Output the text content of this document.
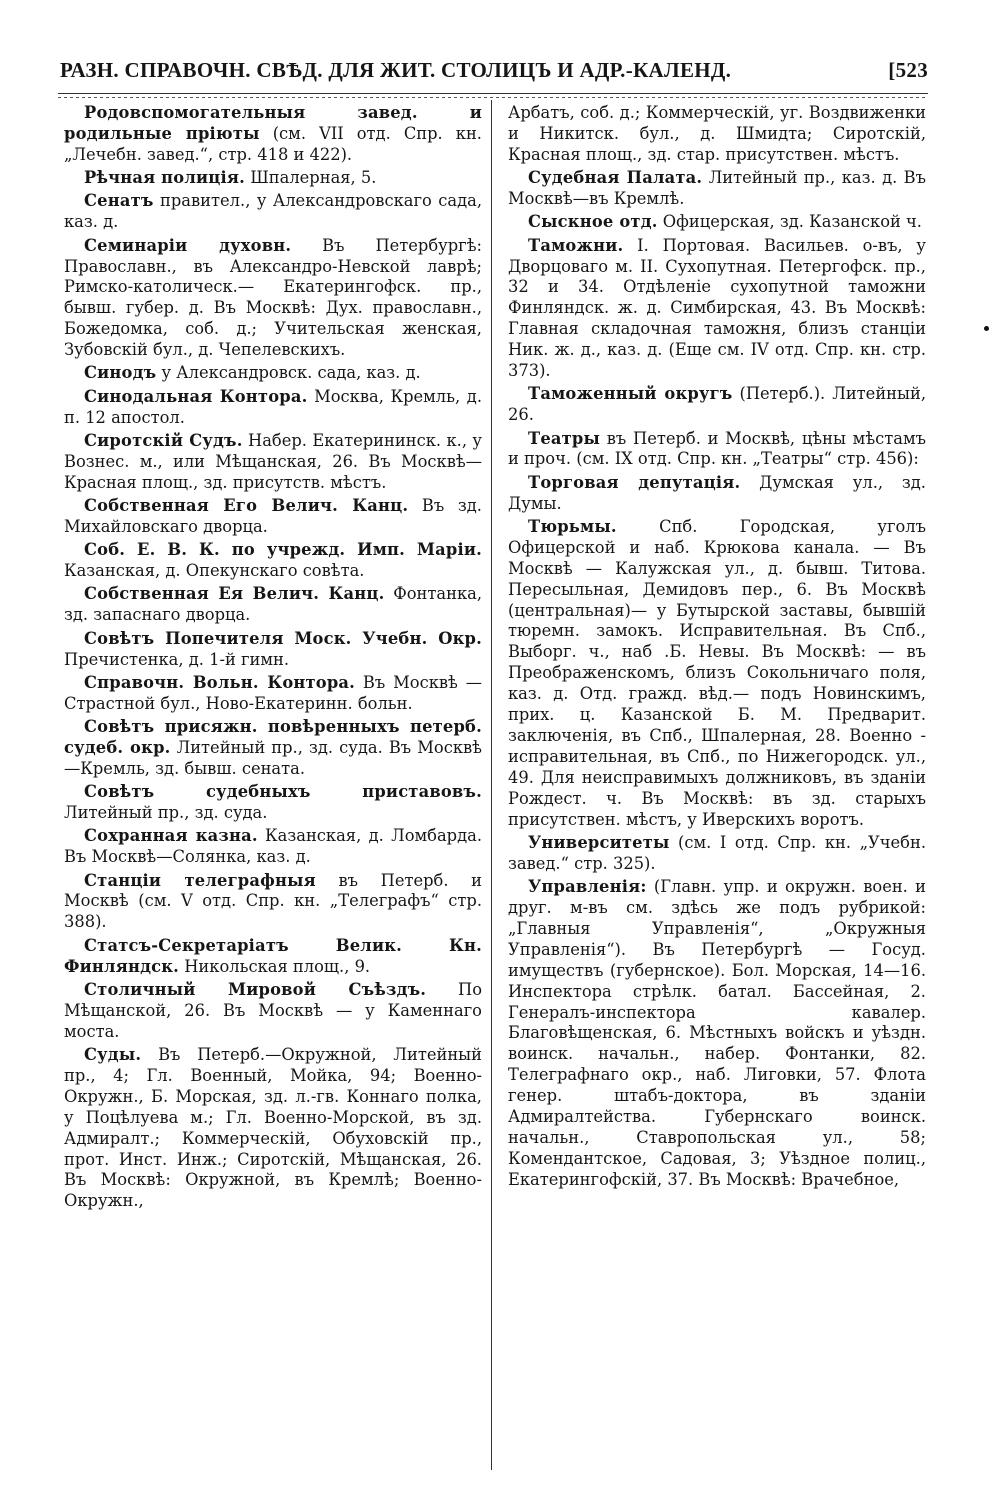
РАЗН. СПРАВОЧН. СВѢД. ДЛЯ ЖИТ. СТОЛИЦЪ И АДР.-КАЛЕНД.	[523

Родовспомогательныя завед. и родильные пріюты (см. VII отд. Спр. кн. „Лечебн. завед.“, стр. 418 и 422).

Рѣчная полиція. Шпалерная, 5.

Сенатъ правител., у Александровскаго сада, каз. д.

Семинаріи духовн. Въ Петербургѣ: Православн., въ Александро-Невской лаврѣ; Римско-католическ.— Екатерингофск. пр., бывш. губер. д. Въ Москвѣ: Дух. православн., Божедомка, соб. д.; Учительская женская, Зубовскій бул., д. Чепелевскихъ.

Синодъ у Александровск. сада, каз. д.

Синодальная Контора. Москва, Кремль, д. п. 12 апостол.

Сиротскій Судъ. Набер. Екатерининск. к., у Вознес. м., или Мѣщанская, 26. Въ Москвѣ—Красная площ., зд. присутств. мѣстъ.

Собственная Его Велич. Канц. Въ зд. Михайловскаго дворца.

Соб. Е. В. К. по учрежд. Имп. Маріи. Казанская, д. Опекунскаго совѣта.

Собственная Ея Велич. Канц. Фонтанка, зд. запаснаго дворца.

Совѣтъ Попечителя Моск. Учебн. Окр. Пречистенка, д. 1-й гимн.

Справочн. Вольн. Контора. Въ Москвѣ — Страстной бул., Ново-Екатеринн. больн.

Совѣтъ присяжн. повѣренныхъ петерб. судеб. окр. Литейный пр., зд. суда. Въ Москвѣ—Кремль, зд. бывш. сената.

Совѣтъ судебныхъ приставовъ. Литейный пр., зд. суда.

Сохранная казна. Казанская, д. Ломбарда. Въ Москвѣ—Солянка, каз. д.

Станціи телеграфныя въ Петерб. и Москвѣ (см. V отд. Спр. кн. „Телеграфъ“ стр. 388).

Статсъ-Секретаріатъ Велик. Кн. Финляндск. Никольская площ., 9.

Столичный Мировой Съѣздъ. По Мѣщанской, 26. Въ Москвѣ — у Каменнаго моста.

Суды. Въ Петерб.—Окружной, Литейный пр., 4; Гл. Военный, Мойка, 94; Военно-Окружн., Б. Морская, зд. л.-гв. Коннаго полка, у Поцѣлуева м.; Гл. Военно-Морской, въ зд. Адмиралт.; Коммерческій, Обуховскій пр., прот. Инст. Инж.; Сиротскій, Мѣщанская, 26. Въ Москвѣ: Окружной, въ Кремлѣ; Военно-Окружн.,

Арбатъ, соб. д.; Коммерческій, уг. Воздвиженки и Никитск. бул., д. Шмидта; Сиротскій, Красная площ., зд. стар. присутствен. мѣстъ.

Судебная Палата. Литейный пр., каз. д. Въ Москвѣ—въ Кремлѣ.

Сыскное отд. Офицерская, зд. Казанской ч.

Таможни. I. Портовая. Васильев. о-въ, у Дворцоваго м. II. Сухопутная. Петергофск. пр., 32 и 34. Отдѣленіе сухопутной таможни Финляндск. ж. д. Симбирская, 43. Въ Москвѣ: Главная складочная таможня, близъ станціи Ник. ж. д., каз. д. (Еще см. IV отд. Спр. кн. стр. 373).

Таможенный округъ (Петерб.). Литейный, 26.

Театры въ Петерб. и Москвѣ, цѣны мѣстамъ и проч. (см. IX отд. Спр. кн. „Театры“ стр. 456):

Торговая депутація. Думская ул., зд. Думы.

Тюрьмы. Спб. Городская, уголъ Офицерской и наб. Крюкова канала. — Въ Москвѣ — Калужская ул., д. бывш. Титова. Пересыльная, Демидовъ пер., 6. Въ Москвѣ (центральная)— у Бутырской заставы, бывшій тюремн. замокъ. Исправительная. Въ Спб., Выборг. ч., наб .Б. Невы. Въ Москвѣ: — въ Преображенскомъ, близъ Сокольничаго поля, каз. д. Отд. гражд. вѣд.— подъ Новинскимъ, прих. ц. Казанской Б. М. Предварит. заключенія, въ Спб., Шпалерная, 28. Военно - исправительная, въ Спб., по Нижегородск. ул., 49. Для неисправимыхъ должниковъ, въ зданіи Рождест. ч. Въ Москвѣ: въ зд. старыхъ присутствен. мѣстъ, у Иверскихъ воротъ.

Университеты (см. I отд. Спр. кн. „Учебн. завед.“ стр. 325).

Управленія: (Главн. упр. и окружн. воен. и друг. м-въ см. здѣсь же подъ рубрикой: „Главныя Управленія“, „Окружныя Управленія“). Въ Петербургѣ — Госуд. имуществъ (губернское). Бол. Морская, 14—16. Инспектора стрѣлк. батал. Бассейная, 2. Генералъ-инспектора кавалер. Благовѣщенская, 6. Мѣстныхъ войскъ и уѣздн. воинск. начальн., набер. Фонтанки, 82. Телеграфнаго окр., наб. Лиговки, 57. Флота генер. штабъ-доктора, въ зданіи Адмиралтейства. Губернскаго воинск. начальн., Ставропольская ул., 58; Комендантское, Садовая, 3; Уѣздное полиц., Екатерингофскій, 37. Въ Москвѣ: Врачебное,
